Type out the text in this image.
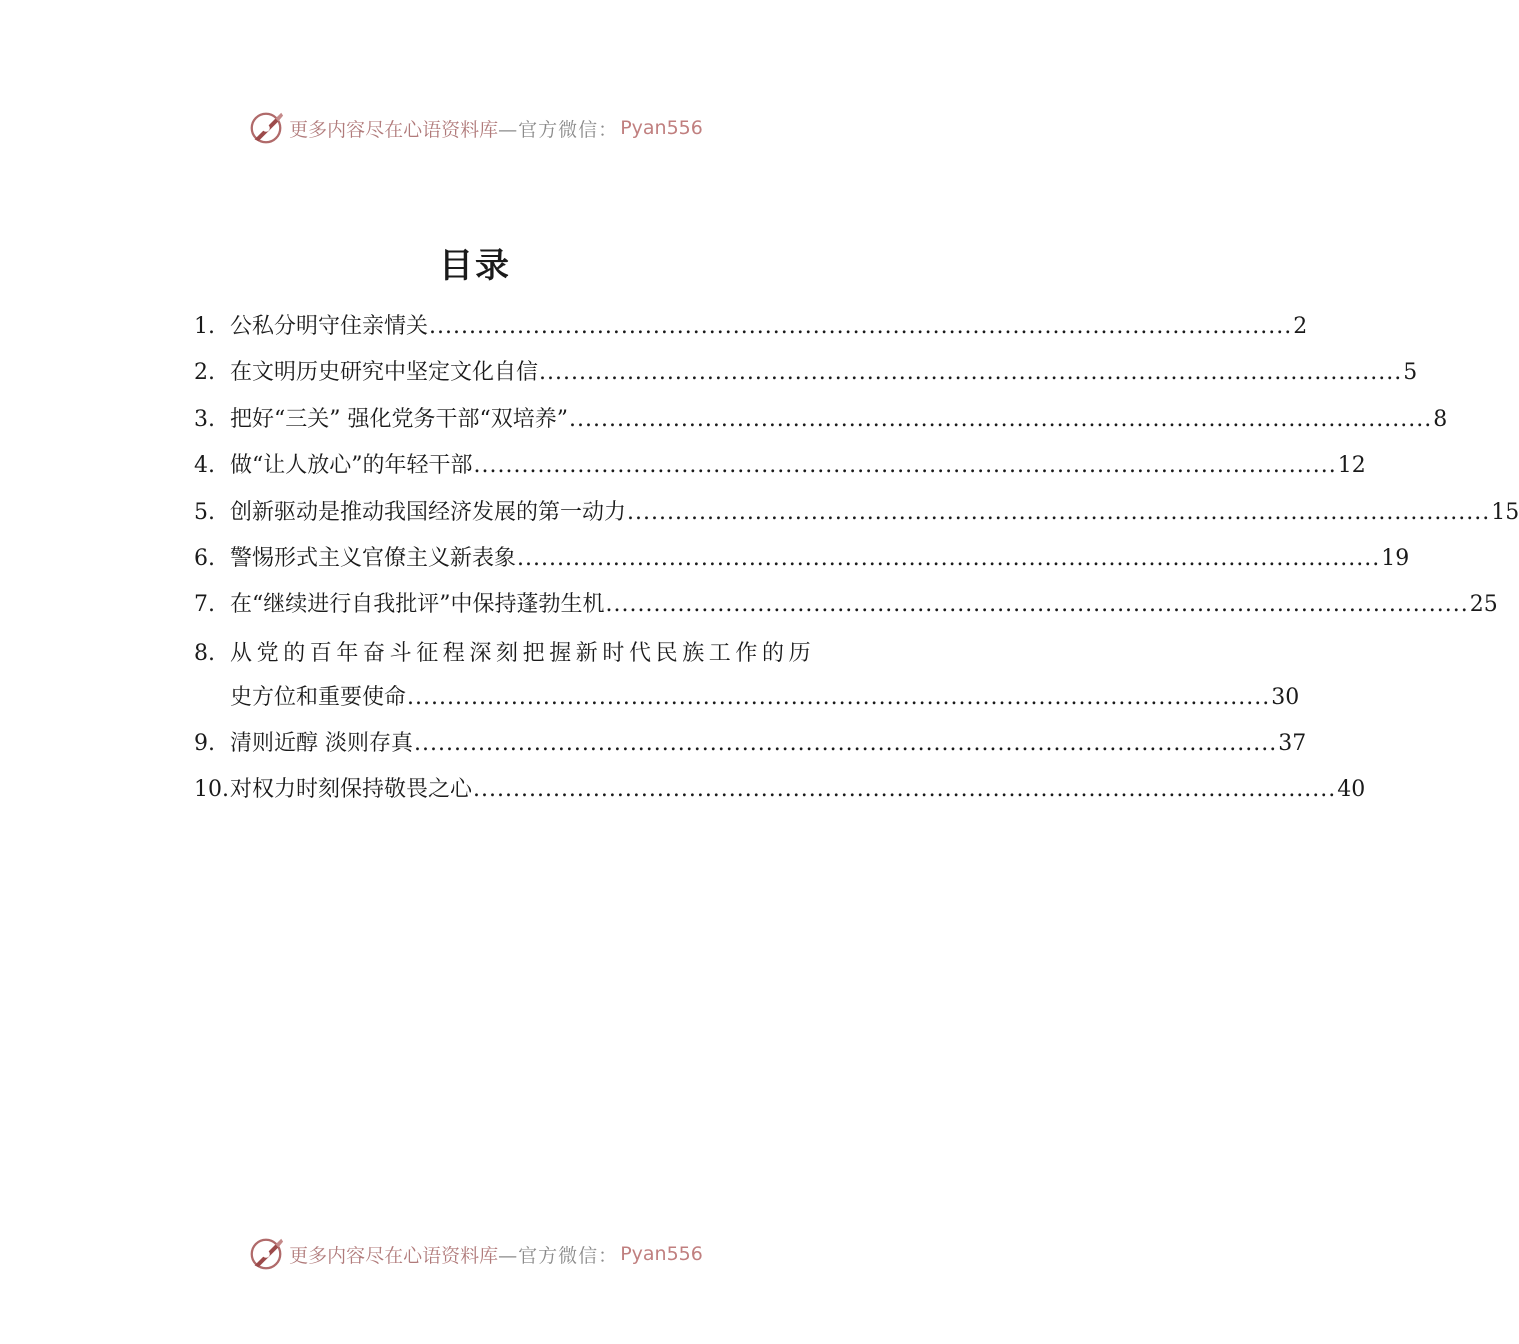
更多内容尽在心语资料库 —官方微信： Pyan556
目录
1. 公私分明守住亲情关 ............................................................................................................ 2
2. 在文明历史研究中坚定文化自信 ............................................................................................................ 5
3. 把好“三关” 强化党务干部“双培养” ............................................................................................................ 8
4. 做“让人放心”的年轻干部 ............................................................................................................ 12
5. 创新驱动是推动我国经济发展的第一动力 ............................................................................................................ 15
6. 警惕形式主义官僚主义新表象 ............................................................................................................ 19
7. 在“继续进行自我批评”中保持蓬勃生机 ............................................................................................................ 25
8. 从党的百年奋斗征程深刻把握新时代民族工作的历
史方位和重要使命 ............................................................................................................ 30
9. 清则近醇 淡则存真 ............................................................................................................ 37
10. 对权力时刻保持敬畏之心 ............................................................................................................ 40
更多内容尽在心语资料库 —官方微信： Pyan556
